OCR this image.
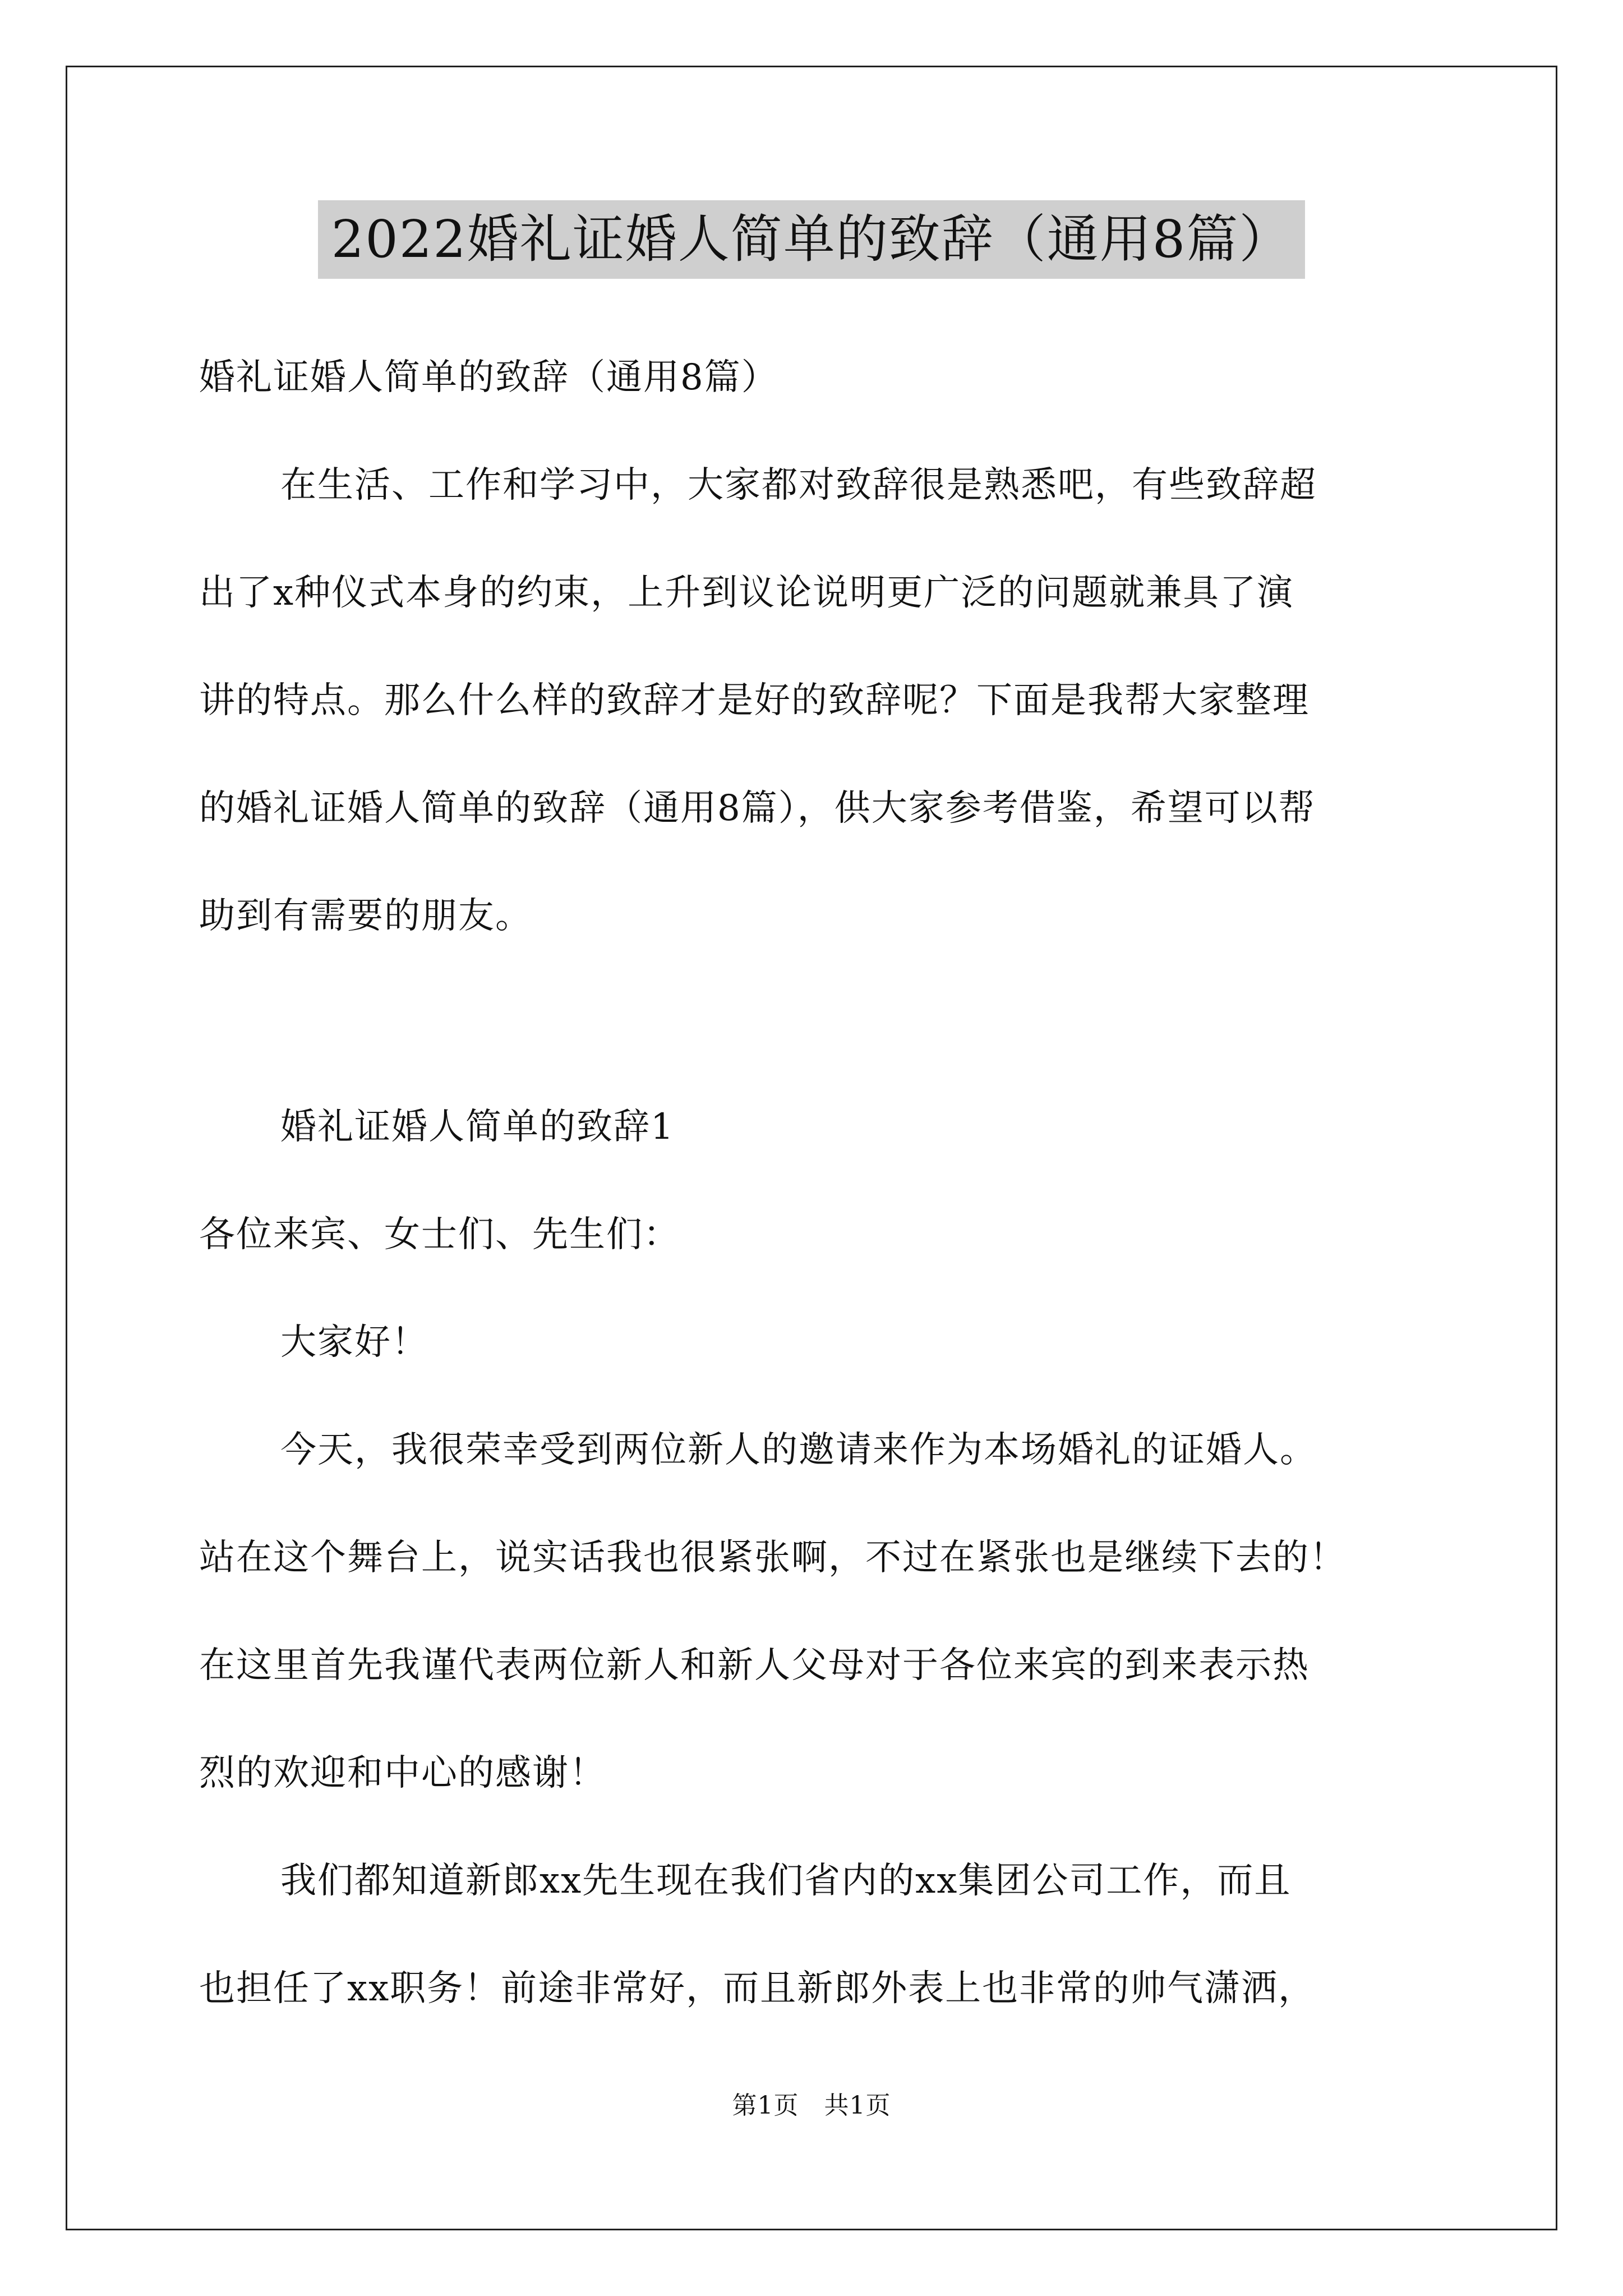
2022婚礼证婚人简单的致辞（通用8篇）
婚礼证婚人简单的致辞（通用8篇）
在生活、工作和学习中，大家都对致辞很是熟悉吧，有些致辞超
出了x种仪式本身的约束，上升到议论说明更广泛的问题就兼具了演
讲的特点。那么什么样的致辞才是好的致辞呢？下面是我帮大家整理
的婚礼证婚人简单的致辞（通用8篇），供大家参考借鉴，希望可以帮
助到有需要的朋友。
婚礼证婚人简单的致辞1
各位来宾、女士们、先生们：
大家好！
今天，我很荣幸受到两位新人的邀请来作为本场婚礼的证婚人。
站在这个舞台上，说实话我也很紧张啊，不过在紧张也是继续下去的！
在这里首先我谨代表两位新人和新人父母对于各位来宾的到来表示热
烈的欢迎和中心的感谢！
我们都知道新郎xx先生现在我们省内的xx集团公司工作，而且
也担任了xx职务！前途非常好，而且新郎外表上也非常的帅气潇洒，
第1页　共1页
